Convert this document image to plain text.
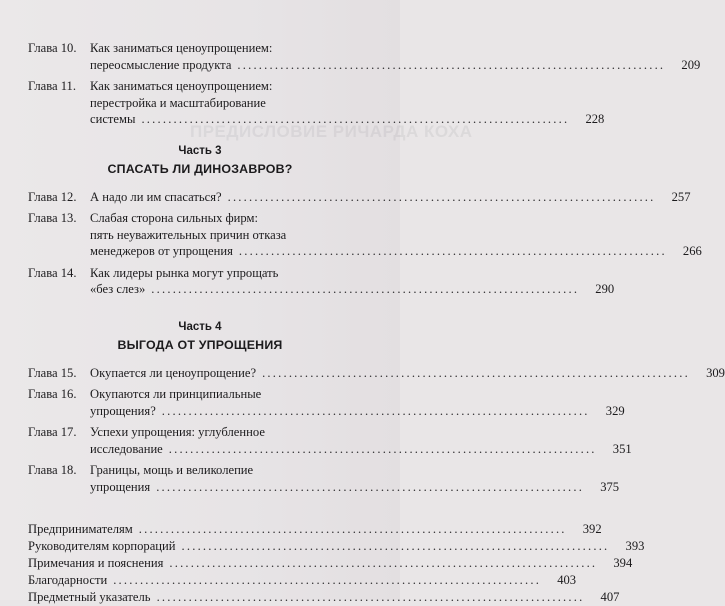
ПРЕДИСЛОВИЕ РИЧАРДА КОХА
Глава 10.	Как заниматься ценоупрощением:
переосмысление продукта ................................................................................	209
Глава 11.	Как заниматься ценоупрощением:
перестройка и масштабирование
системы ................................................................................	228
Часть 3
СПАСАТЬ ЛИ ДИНОЗАВРОВ?
Глава 12.	А надо ли им спасаться? ................................................................................	257
Глава 13.	Слабая сторона сильных фирм:
пять неуважительных причин отказа
менеджеров от упрощения ................................................................................	266
Глава 14.	Как лидеры рынка могут упрощать
«без слез» ................................................................................	290
Часть 4
ВЫГОДА ОТ УПРОЩЕНИЯ
Глава 15.	Окупается ли ценоупрощение? ................................................................................	309
Глава 16.	Окупаются ли принципиальные
упрощения? ................................................................................	329
Глава 17.	Успехи упрощения: углубленное
исследование ................................................................................	351
Глава 18.	Границы, мощь и великолепие
упрощения ................................................................................	375
Предпринимателям ................................................................................	392
Руководителям корпораций ................................................................................	393
Примечания и пояснения ................................................................................	394
Благодарности ................................................................................	403
Предметный указатель ................................................................................	407
